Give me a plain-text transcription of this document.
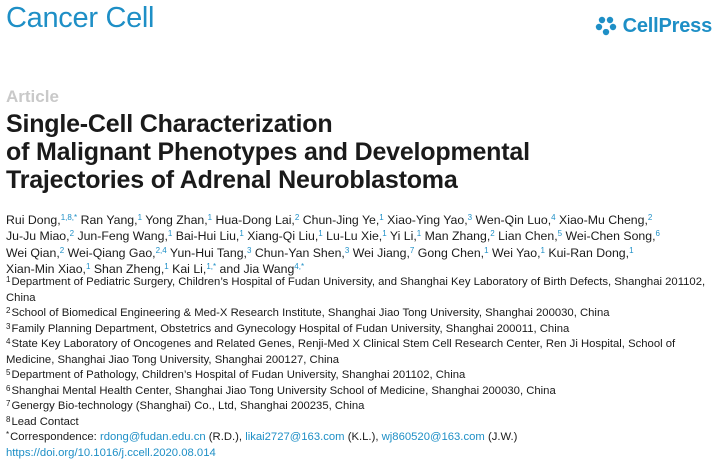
Cancer Cell	CellPress
Article
Single-Cell Characterization
of Malignant Phenotypes and Developmental
Trajectories of Adrenal Neuroblastoma
Rui Dong,$^{1,8,*}$ Ran Yang,$^1$ Yong Zhan,$^1$ Hua-Dong Lai,$^2$ Chun-Jing Ye,$^1$ Xiao-Ying Yao,$^3$ Wen-Qin Luo,$^4$ Xiao-Mu Cheng,$^2$ Ju-Ju Miao,$^2$ Jun-Feng Wang,$^1$ Bai-Hui Liu,$^1$ Xiang-Qi Liu,$^1$ Lu-Lu Xie,$^1$ Yi Li,$^1$ Man Zhang,$^2$ Lian Chen,$^5$ Wei-Chen Song,$^6$ Wei Qian,$^2$ Wei-Qiang Gao,$^{2,4}$ Yun-Hui Tang,$^3$ Chun-Yan Shen,$^3$ Wei Jiang,$^7$ Gong Chen,$^1$ Wei Yao,$^1$ Kui-Ran Dong,$^1$ Xian-Min Xiao,$^1$ Shan Zheng,$^1$ Kai Li,$^{1,*}$ and Jia Wang$^{4,*}$
$^1$Department of Pediatric Surgery, Children’s Hospital of Fudan University, and Shanghai Key Laboratory of Birth Defects, Shanghai 201102, China
$^2$School of Biomedical Engineering & Med-X Research Institute, Shanghai Jiao Tong University, Shanghai 200030, China
$^3$Family Planning Department, Obstetrics and Gynecology Hospital of Fudan University, Shanghai 200011, China
$^4$State Key Laboratory of Oncogenes and Related Genes, Renji-Med X Clinical Stem Cell Research Center, Ren Ji Hospital, School of Medicine, Shanghai Jiao Tong University, Shanghai 200127, China
$^5$Department of Pathology, Children’s Hospital of Fudan University, Shanghai 201102, China
$^6$Shanghai Mental Health Center, Shanghai Jiao Tong University School of Medicine, Shanghai 200030, China
$^7$Genergy Bio-technology (Shanghai) Co., Ltd, Shanghai 200235, China
$^8$Lead Contact
*Correspondence: rdong@fudan.edu.cn (R.D.), likai2727@163.com (K.L.), wj860520@163.com (J.W.)
https://doi.org/10.1016/j.ccell.2020.08.014
